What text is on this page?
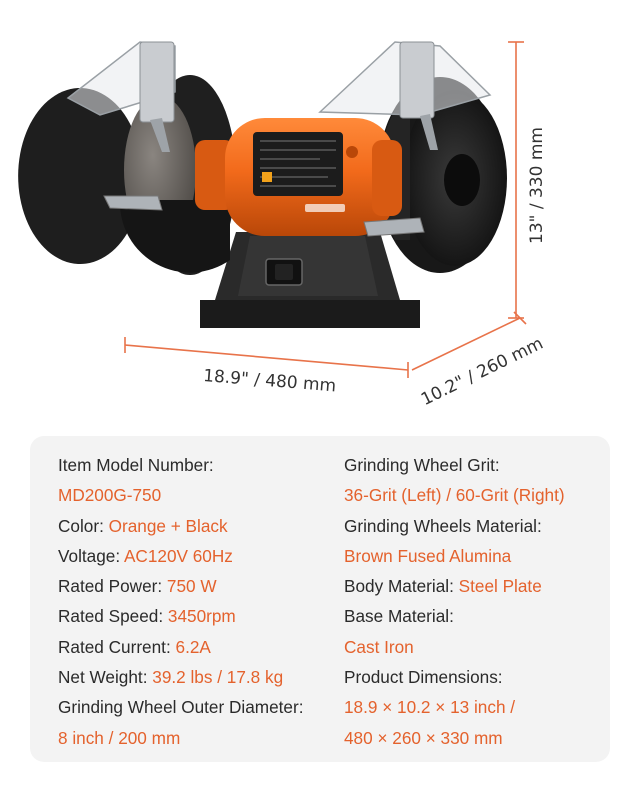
18.9" / 480 mm	10.2" / 260 mm
13" / 330 mm
Item Model Number:
MD200G-750
Color: Orange + Black
Voltage: AC120V 60Hz
Rated Power: 750 W
Rated Speed: 3450rpm
Rated Current: 6.2A
Net Weight: 39.2 lbs / 17.8 kg
Grinding Wheel Outer Diameter:
8 inch / 200 mm
Grinding Wheel Grit:
36-Grit (Left) / 60-Grit (Right)
Grinding Wheels Material:
Brown Fused Alumina
Body Material: Steel Plate
Base Material:
Cast Iron
Product Dimensions:
18.9 × 10.2 × 13 inch /
480 × 260 × 330 mm
